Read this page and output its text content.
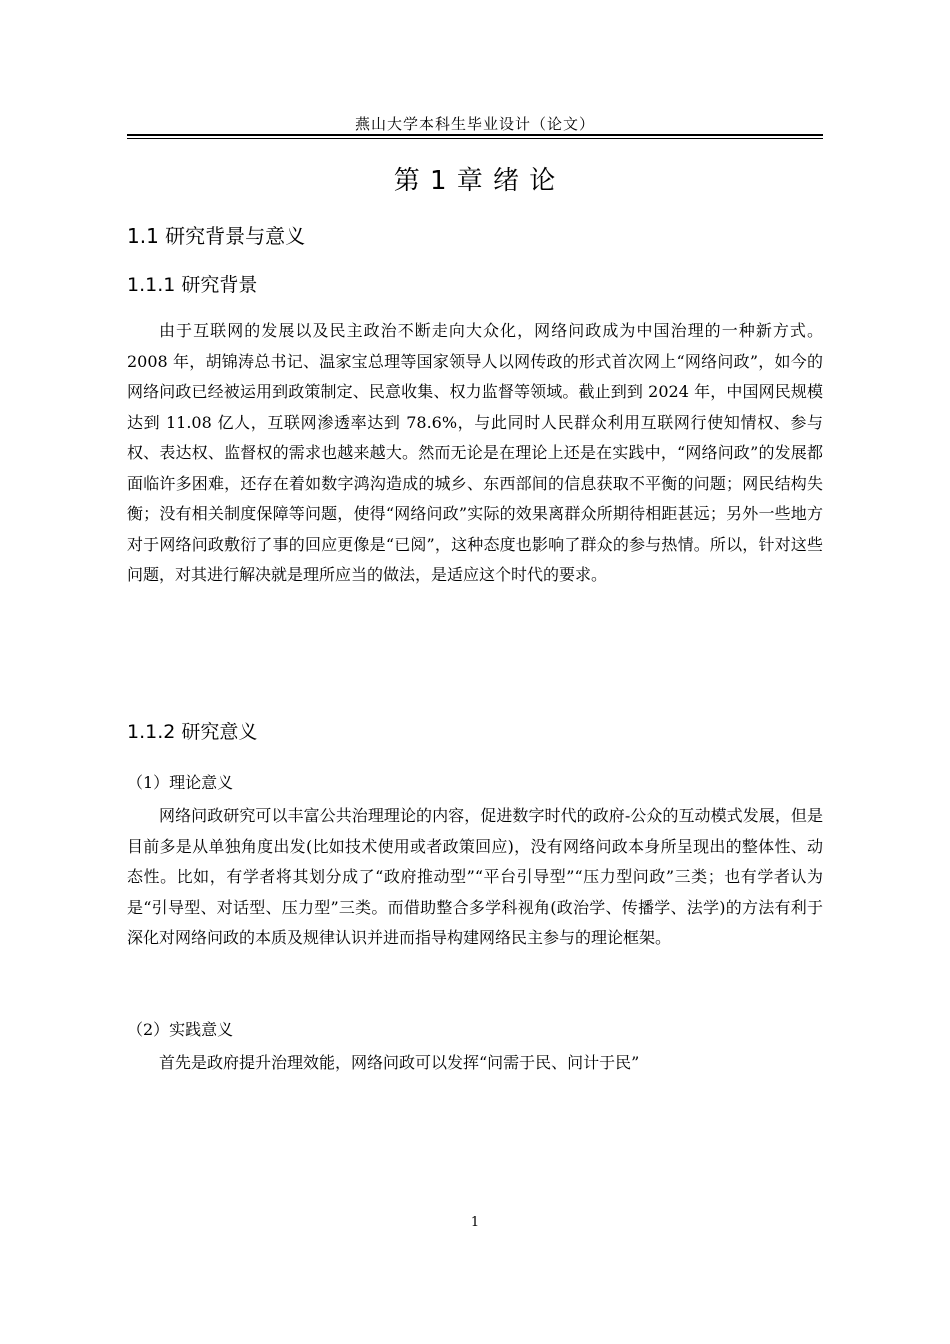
燕山大学本科生毕业设计（论文）
第 1 章 绪 论
1.1 研究背景与意义
1.1.1 研究背景

由于互联网的发展以及民主政治不断走向大众化，网络问政成为中国治理的一种新方式。2008 年，胡锦涛总书记、温家宝总理等国家领导人以网传政的形式首次网上“网络问政”，如今的网络问政已经被运用到政策制定、民意收集、权力监督等领域。截止到到 2024 年，中国网民规模达到 11.08 亿人，互联网渗透率达到 78.6%，与此同时人民群众利用互联网行使知情权、参与权、表达权、监督权的需求也越来越大。然而无论是在理论上还是在实践中，“网络问政”的发展都面临许多困难，还存在着如数字鸿沟造成的城乡、东西部间的信息获取不平衡的问题；网民结构失衡；没有相关制度保障等问题，使得“网络问政”实际的效果离群众所期待相距甚远；另外一些地方对于网络问政敷衍了事的回应更像是“已阅”，这种态度也影响了群众的参与热情。所以，针对这些问题，对其进行解决就是理所应当的做法，是适应这个时代的要求。

1.1.2 研究意义
（1）理论意义

网络问政研究可以丰富公共治理理论的内容，促进数字时代的政府-公众的互动模式发展，但是目前多是从单独角度出发(比如技术使用或者政策回应)，没有网络问政本身所呈现出的整体性、动态性。比如，有学者将其划分成了“政府推动型”“平台引导型”“压力型问政”三类；也有学者认为是“引导型、对话型、压力型”三类。而借助整合多学科视角(政治学、传播学、法学)的方法有利于深化对网络问政的本质及规律认识并进而指导构建网络民主参与的理论框架。

（2）实践意义

首先是政府提升治理效能，网络问政可以发挥“问需于民、问计于民”

1
